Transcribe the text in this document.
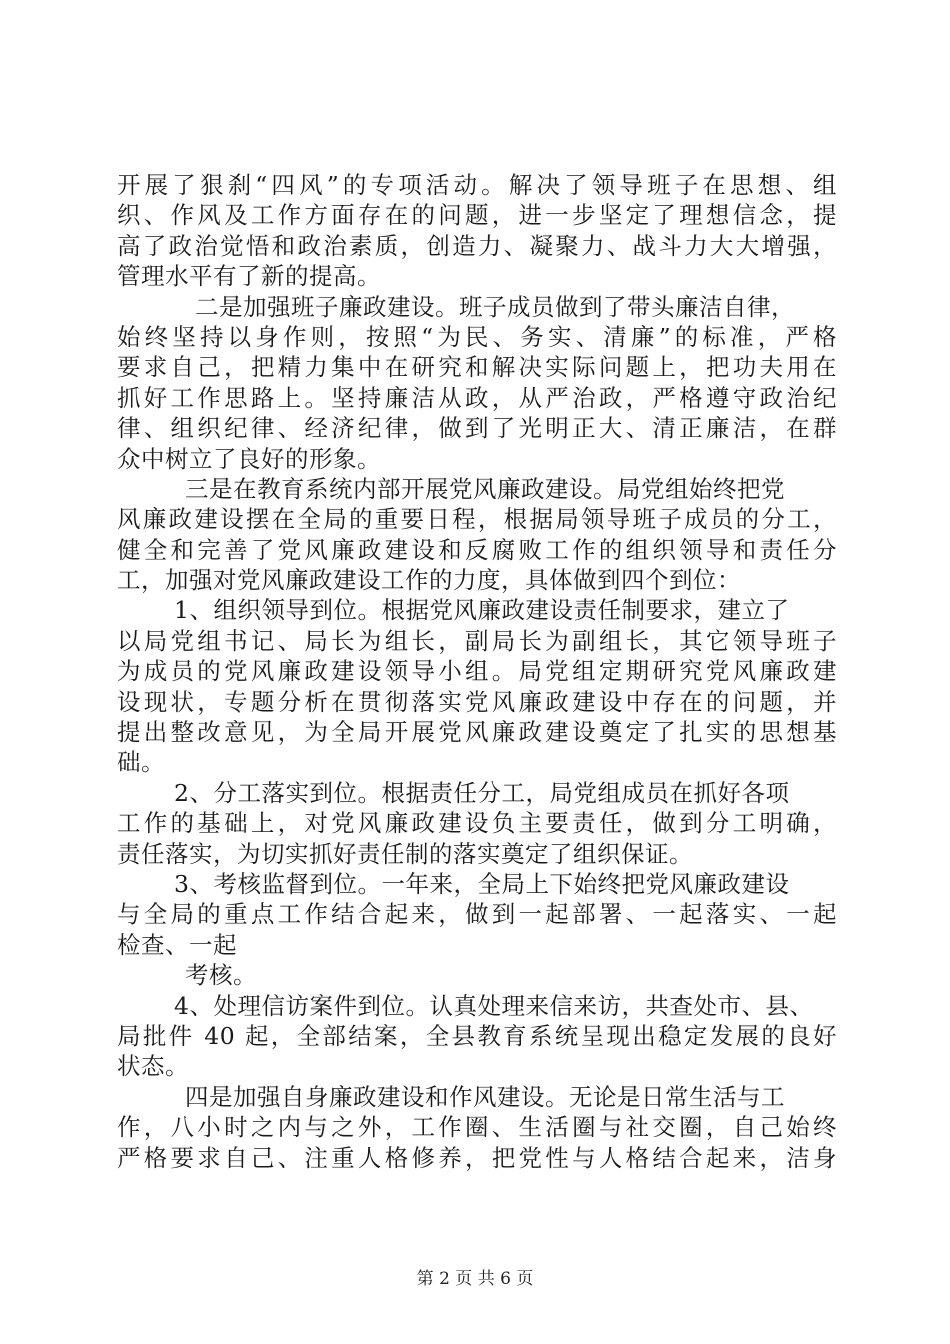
开展了狠刹“四风”的专项活动。解决了领导班子在思想、组
织、作风及工作方面存在的问题，进一步坚定了理想信念，提
高了政治觉悟和政治素质，创造力、凝聚力、战斗力大大增强，
管理水平有了新的提高。
二是加强班子廉政建设。班子成员做到了带头廉洁自律，
始终坚持以身作则，按照“为民、务实、清廉”的标准，严格
要求自己，把精力集中在研究和解决实际问题上，把功夫用在
抓好工作思路上。坚持廉洁从政，从严治政，严格遵守政治纪
律、组织纪律、经济纪律，做到了光明正大、清正廉洁，在群
众中树立了良好的形象。
三是在教育系统内部开展党风廉政建设。局党组始终把党
风廉政建设摆在全局的重要日程，根据局领导班子成员的分工，
健全和完善了党风廉政建设和反腐败工作的组织领导和责任分
工，加强对党风廉政建设工作的力度，具体做到四个到位：
1、组织领导到位。根据党风廉政建设责任制要求，建立了
以局党组书记、局长为组长，副局长为副组长，其它领导班子
为成员的党风廉政建设领导小组。局党组定期研究党风廉政建
设现状，专题分析在贯彻落实党风廉政建设中存在的问题，并
提出整改意见，为全局开展党风廉政建设奠定了扎实的思想基
础。
2、分工落实到位。根据责任分工，局党组成员在抓好各项
工作的基础上，对党风廉政建设负主要责任，做到分工明确，
责任落实，为切实抓好责任制的落实奠定了组织保证。
3、考核监督到位。一年来，全局上下始终把党风廉政建设
与全局的重点工作结合起来，做到一起部署、一起落实、一起
检查、一起
考核。
4、处理信访案件到位。认真处理来信来访，共查处市、县、
局批件 40 起，全部结案，全县教育系统呈现出稳定发展的良好
状态。
四是加强自身廉政建设和作风建设。无论是日常生活与工
作，八小时之内与之外，工作圈、生活圈与社交圈，自己始终
严格要求自己、注重人格修养，把党性与人格结合起来，洁身
第 2 页 共 6 页
